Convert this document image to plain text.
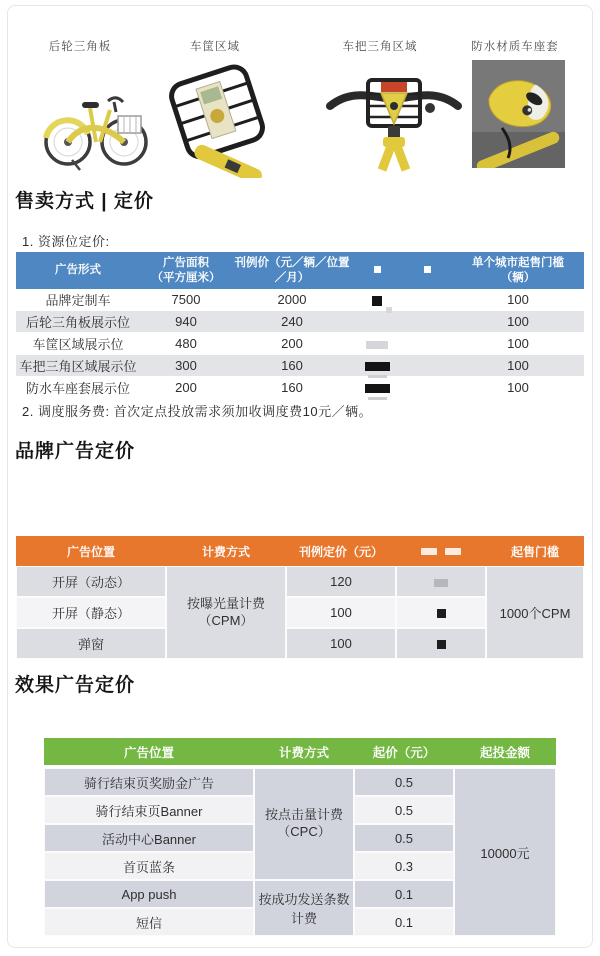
后轮三角板	车筐区域	车把三角区域	防水材质车座套
售卖方式 | 定价
1. 资源位定价:
广告形式	广告面积
（平方厘米）	刊例价（元／辆／位置
／月）			单个城市起售门槛
（辆）

品牌定制车	7500	2000			100
后轮三角板展示位	940	240			100
车筐区域展示位	480	200			100
车把三角区域展示位	300	160			100
防水车座套展示位	200	160			100
2. 调度服务费: 首次定点投放需求须加收调度费10元／辆。
品牌广告定价
广告位置	计费方式	刊例定价（元）		起售门槛
开屏（动态）	按曝光量计费
（CPM）	120		1000个CPM
开屏（静态）		100		
弹窗		100		
效果广告定价
广告位置	计费方式	起价（元）	起投金额
骑行结束页奖励金广告	按点击量计费
（CPC）	0.5	10000元
骑行结束页Banner		0.5	
活动中心Banner		0.5	
首页蓝条		0.3	
App push	按成功发送条数计费	0.1	
短信		0.1	
